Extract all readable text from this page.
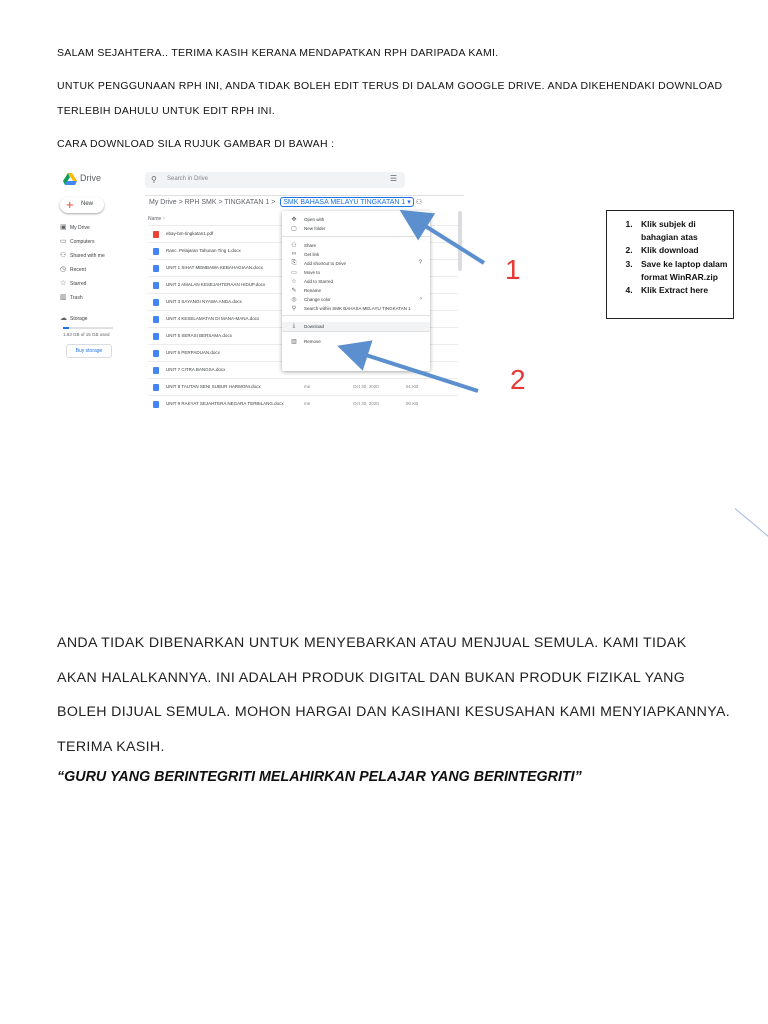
SALAM SEJAHTERA.. TERIMA KASIH KERANA MENDAPATKAN RPH DARIPADA KAMI.
UNTUK PENGGUNAAN RPH INI, ANDA TIDAK BOLEH EDIT TERUS DI DALAM GOOGLE DRIVE. ANDA DIKEHENDAKI DOWNLOAD
TERLEBIH DAHULU UNTUK EDIT RPH INI.
CARA DOWNLOAD SILA RUJUK GAMBAR DI BAWAH :
Drive	⚲ Search in Drive	☰
My Drive > RPH SMK > TINGKATAN 1 > SMK BAHASA MELAYU TINGKATAN 1 ▾ ⚇
+ New
▣ My Drive
▭ Computers
⚇ Shared with me
◷ Recent
☆ Starred
▥ Trash
☁ Storage
1.83 GB of 15 GB used
Buy storage
Name ↑
ebay-bm-tingkatan1.pdf
Ranc. Pelajaran Tahunan Ting 1.docx
UNIT 1 SIHAT MEMBAWA KEBAHAGIAAN.docx
UNIT 2 AMALAN KESEJAHTERAAN HIDUP.docx
UNIT 3 SAYANGI NYAWA ANDA.docx
UNIT 4 KESELAMATAN DI MANA-MANA.docx
UNIT 5 SERASI BERSAMA.docx
UNIT 6 PERPADUAN.docx
UNIT 7 CITRA BANGSA.docx
UNIT 8 TAUTAN SENI SUBUR HARMONI.docx	me	Oct 30, 2020	91 KB
UNIT 9 RAKYAT SEJAHTERA NEGARA TERBILANG.docx	me	Oct 30, 2020	90 KB
✥	Open with	›
▢ New folder
⚇ Share
∞	Get link
⎘	Add shortcut to Drive	?
▭ Move to
☆ Add to Starred
✎	Rename
◎	Change color	›
⚲	Search within SMK BAHASA MELAYU TINGKATAN 1
⤓	Download
▥ Remove
1
2
1. Klik subjek di bahagian atas
2. Klik download
3. Save ke laptop dalam format WinRAR.zip
4. Klik Extract here
ANDA TIDAK DIBENARKAN UNTUK MENYEBARKAN ATAU MENJUAL SEMULA. KAMI TIDAK
AKAN HALALKANNYA. INI ADALAH PRODUK DIGITAL DAN BUKAN PRODUK FIZIKAL YANG
BOLEH DIJUAL SEMULA. MOHON HARGAI DAN KASIHANI KESUSAHAN KAMI MENYIAPKANNYA.
TERIMA KASIH.
“GURU YANG BERINTEGRITI MELAHIRKAN PELAJAR YANG BERINTEGRITI”
